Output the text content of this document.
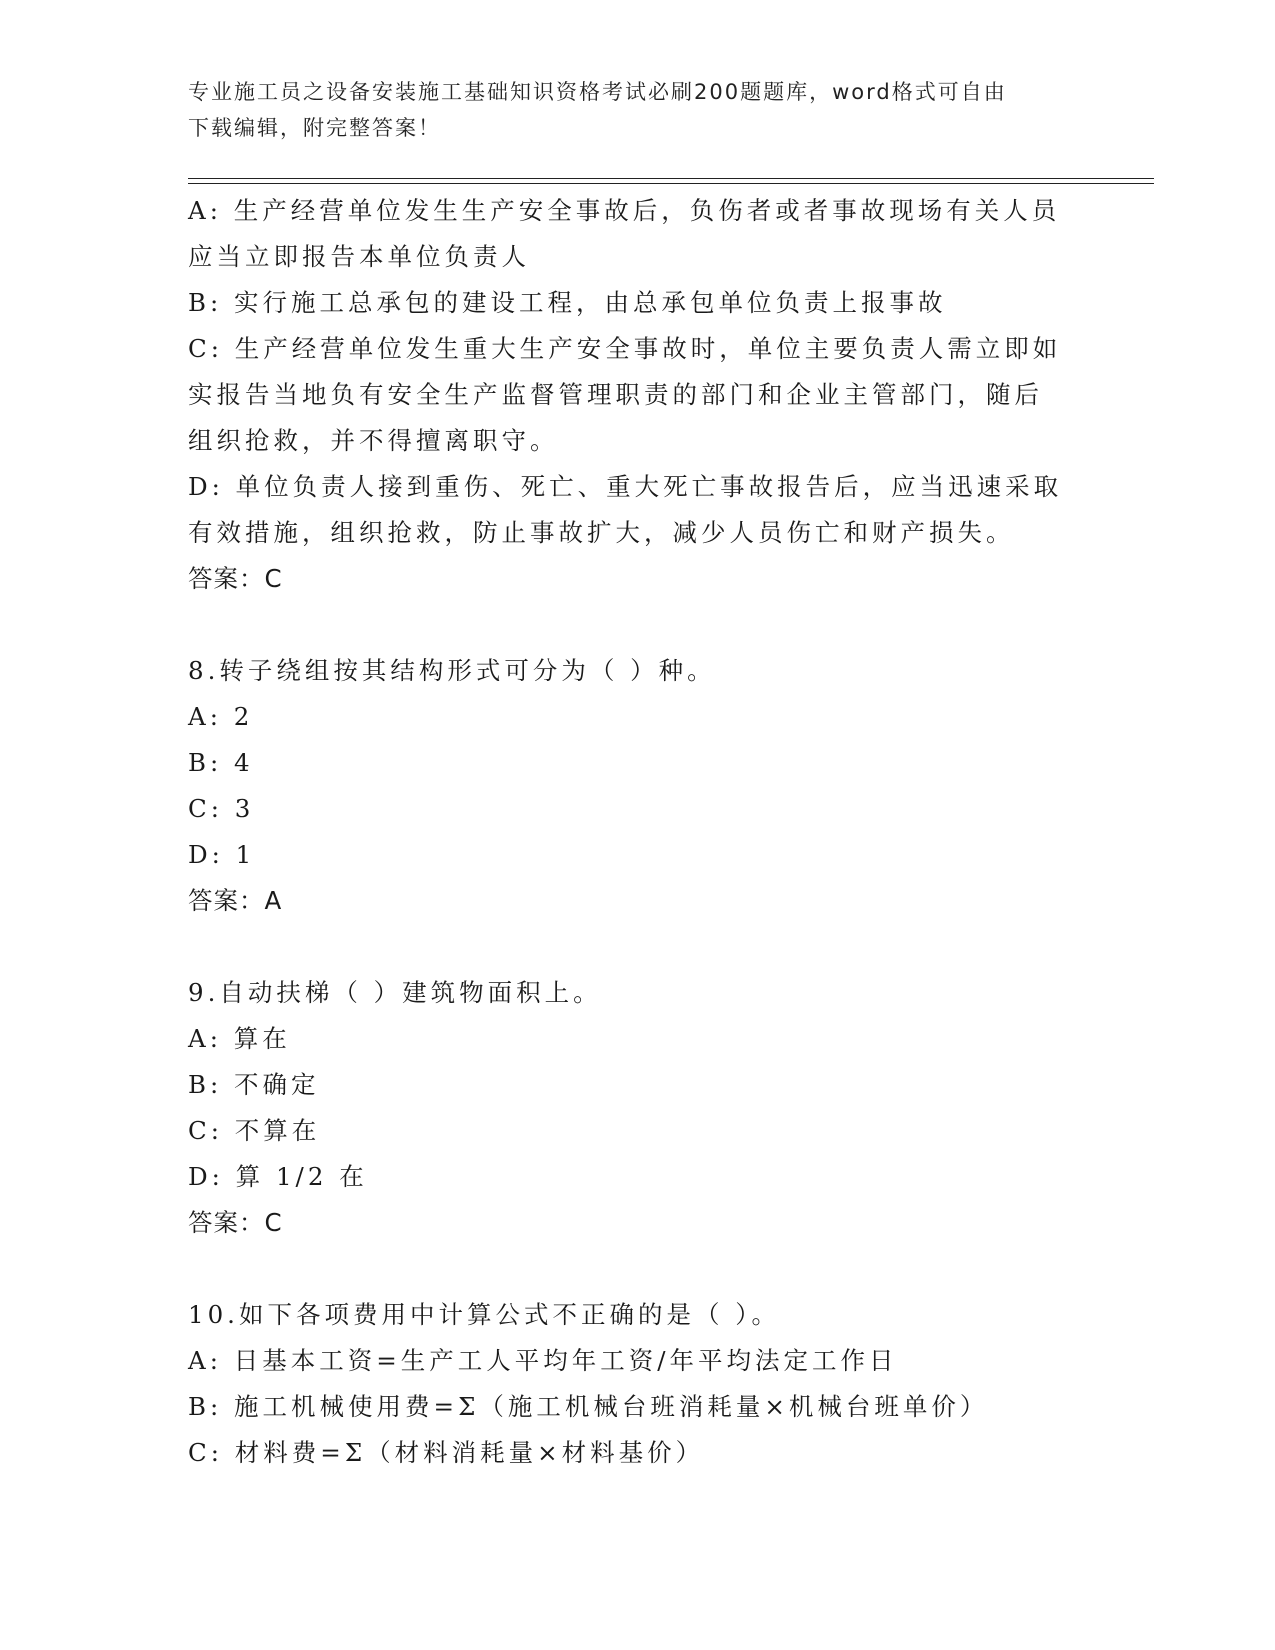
专业施工员之设备安装施工基础知识资格考试必刷200题题库，word格式可自由
下载编辑，附完整答案！
A: 生产经营单位发生生产安全事故后，负伤者或者事故现场有关人员
应当立即报告本单位负责人
B: 实行施工总承包的建设工程，由总承包单位负责上报事故
C: 生产经营单位发生重大生产安全事故时，单位主要负责人需立即如
实报告当地负有安全生产监督管理职责的部门和企业主管部门，随后
组织抢救，并不得擅离职守。
D: 单位负责人接到重伤、死亡、重大死亡事故报告后，应当迅速采取
有效措施，组织抢救，防止事故扩大，减少人员伤亡和财产损失。
答案：C
8.转子绕组按其结构形式可分为（ ）种。
A: 2
B: 4
C: 3
D: 1
答案：A
9.自动扶梯（ ）建筑物面积上。
A: 算在
B: 不确定
C: 不算在
D: 算 1/2 在
答案：C
10.如下各项费用中计算公式不正确的是（ ）。
A: 日基本工资=生产工人平均年工资/年平均法定工作日
B: 施工机械使用费=Σ（施工机械台班消耗量×机械台班单价）
C: 材料费=Σ（材料消耗量×材料基价）
